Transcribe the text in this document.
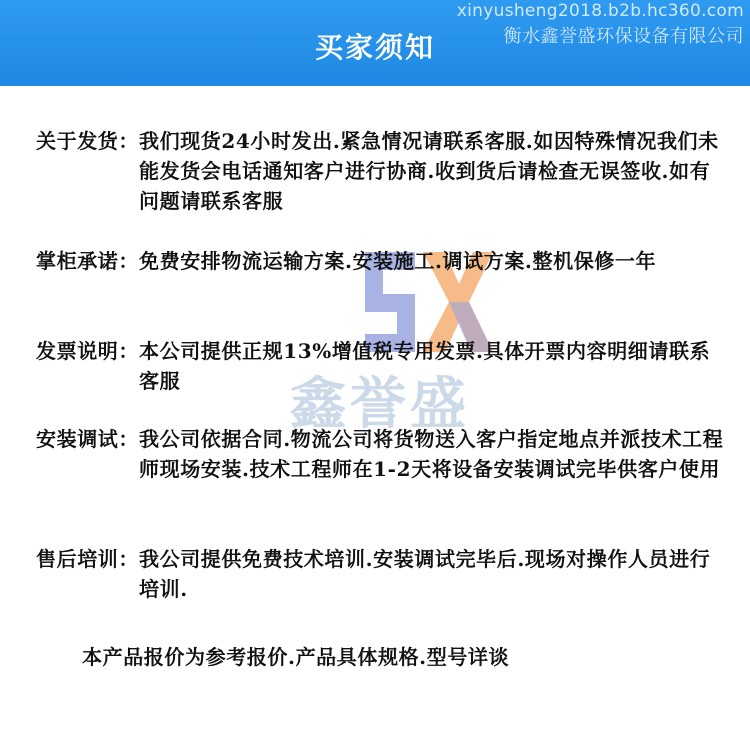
买家须知
xinyusheng2018.b2b.hc360.com
衡水鑫誉盛环保设备有限公司
鑫誉盛
关于发货： 我们现货24小时发出.紧急情况请联系客服.如因特殊情况我们未能发货会电话通知客户进行协商.收到货后请检查无误签收.如有问题请联系客服
掌柜承诺： 免费安排物流运输方案.安装施工.调试方案.整机保修一年
发票说明： 本公司提供正规13%增值税专用发票.具体开票内容明细请联系客服
安装调试： 我公司依据合同.物流公司将货物送入客户指定地点并派技术工程师现场安装.技术工程师在1-2天将设备安装调试完毕供客户使用
售后培训： 我公司提供免费技术培训.安装调试完毕后.现场对操作人员进行培训.
本产品报价为参考报价.产品具体规格.型号详谈
